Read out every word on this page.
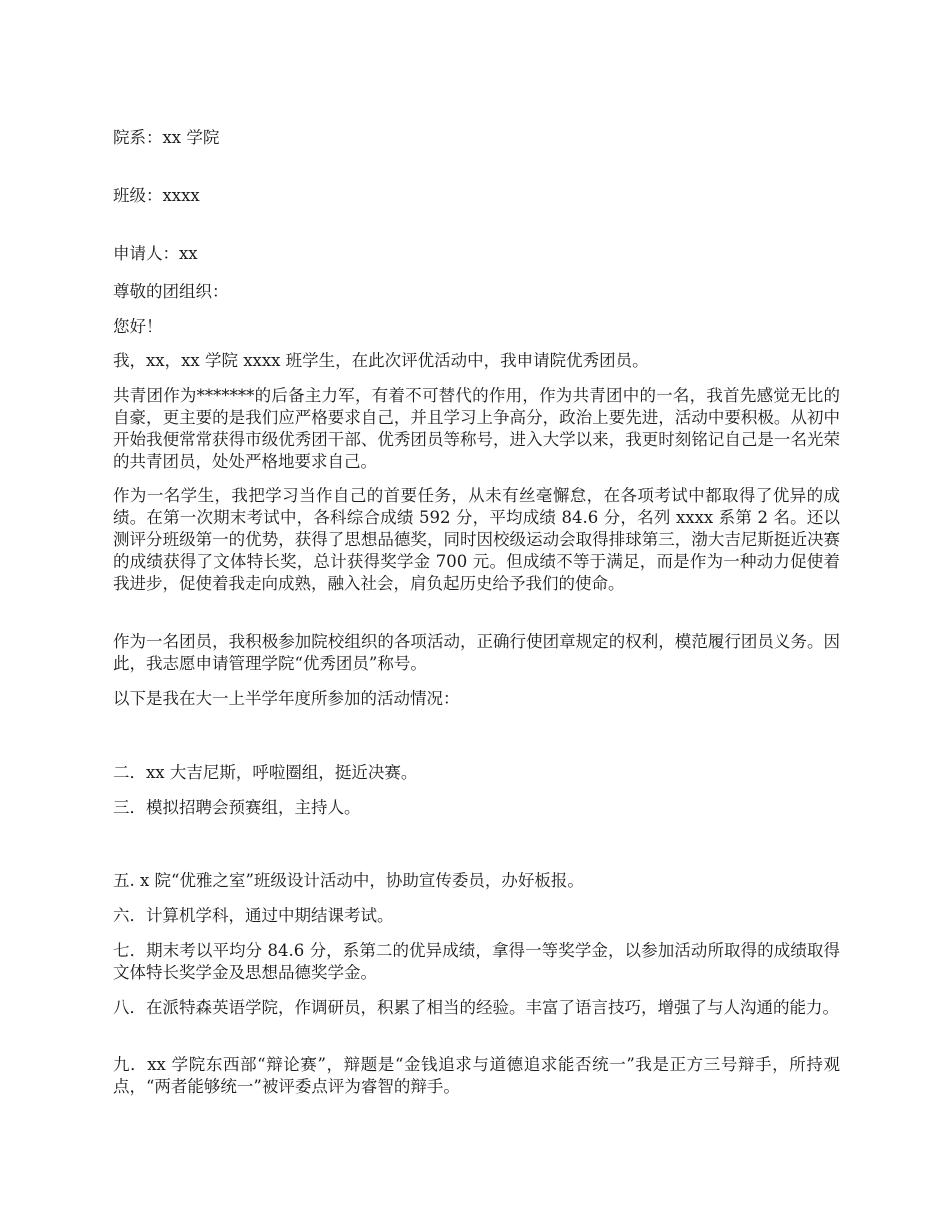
院系：xx 学院

班级：xxxx

申请人：xx

尊敬的团组织：

您好！

我，xx，xx 学院 xxxx 班学生，在此次评优活动中，我申请院优秀团员。

共青团作为*******的后备主力军，有着不可替代的作用，作为共青团中的一名，我首先感觉无比的自豪，更主要的是我们应严格要求自己，并且学习上争高分，政治上要先进，活动中要积极。从初中开始我便常常获得市级优秀团干部、优秀团员等称号，进入大学以来，我更时刻铭记自己是一名光荣的共青团员，处处严格地要求自己。

作为一名学生，我把学习当作自己的首要任务，从未有丝毫懈怠，在各项考试中都取得了优异的成绩。在第一次期末考试中，各科综合成绩 592 分，平均成绩 84.6 分，名列 xxxx 系第 2 名。还以测评分班级第一的优势，获得了思想品德奖，同时因校级运动会取得排球第三，渤大吉尼斯挺近决赛的成绩获得了文体特长奖，总计获得奖学金 700 元。但成绩不等于满足，而是作为一种动力促使着我进步，促使着我走向成熟，融入社会，肩负起历史给予我们的使命。

作为一名团员，我积极参加院校组织的各项活动，正确行使团章规定的权利，模范履行团员义务。因此，我志愿申请管理学院“优秀团员”称号。

以下是我在大一上半学年度所参加的活动情况：

二．xx 大吉尼斯，呼啦圈组，挺近决赛。

三．模拟招聘会预赛组，主持人。

五. x 院“优雅之室”班级设计活动中，协助宣传委员，办好板报。

六．计算机学科，通过中期结课考试。

七．期末考以平均分 84.6 分，系第二的优异成绩，拿得一等奖学金，以参加活动所取得的成绩取得文体特长奖学金及思想品德奖学金。

八．在派特森英语学院，作调研员，积累了相当的经验。丰富了语言技巧，增强了与人沟通的能力。

九．xx 学院东西部“辩论赛”，辩题是“金钱追求与道德追求能否统一”我是正方三号辩手，所持观点，“两者能够统一”被评委点评为睿智的辩手。
